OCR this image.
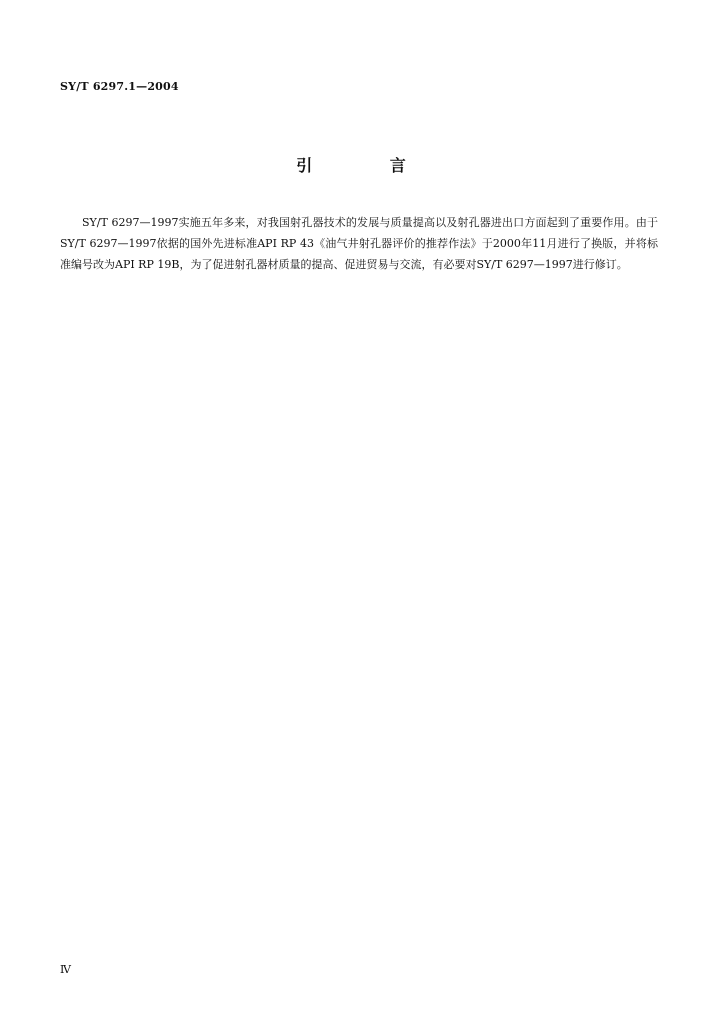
SY/T 6297.1—2004
引 言

SY/T 6297—1997实施五年多来，对我国射孔器技术的发展与质量提高以及射孔器进出口方面起到了重要作用。由于SY/T 6297—1997依据的国外先进标准API RP 43《油气井射孔器评价的推荐作法》于2000年11月进行了换版，并将标准编号改为API RP 19B，为了促进射孔器材质量的提高、促进贸易与交流，有必要对SY/T 6297—1997进行修订。

Ⅳ
